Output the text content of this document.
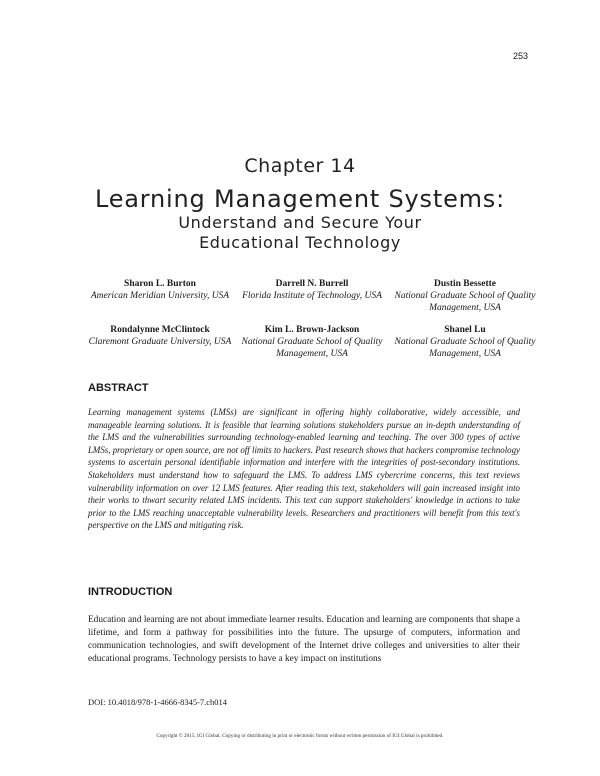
253
Chapter 14
Learning Management Systems:
Understand and Secure Your
Educational Technology
Sharon L. Burton
American Meridian University, USA
Darrell N. Burrell
Florida Institute of Technology, USA
Dustin Bessette
National Graduate School of Quality Management, USA
Rondalynne McClintock
Claremont Graduate University, USA
Kim L. Brown-Jackson
National Graduate School of Quality Management, USA
Shanel Lu
National Graduate School of Quality Management, USA
ABSTRACT

Learning management systems (LMSs) are significant in offering highly collaborative, widely accessible, and manageable learning solutions. It is feasible that learning solutions stakeholders pursue an in-depth understanding of the LMS and the vulnerabilities surrounding technology-enabled learning and teaching. The over 300 types of active LMSs, proprietary or open source, are not off limits to hackers. Past research shows that hackers compromise technology systems to ascertain personal identifiable information and interfere with the integrities of post-secondary institutions. Stakeholders must understand how to safeguard the LMS. To address LMS cybercrime concerns, this text reviews vulnerability information on over 12 LMS features. After reading this text, stakeholders will gain increased insight into their works to thwart security related LMS incidents. This text can support stakeholders' knowledge in actions to take prior to the LMS reaching unacceptable vulnerability levels. Researchers and practitioners will benefit from this text's perspective on the LMS and mitigating risk.

INTRODUCTION

Education and learning are not about immediate learner results. Education and learning are components that shape a lifetime, and form a pathway for possibilities into the future. The upsurge of computers, information and communication technologies, and swift development of the Internet drive colleges and universities to alter their educational programs. Technology persists to have a key impact on institutions

DOI: 10.4018/978-1-4666-8345-7.ch014
Copyright © 2015, IGI Global. Copying or distributing in print or electronic forms without written permission of IGI Global is prohibited.
